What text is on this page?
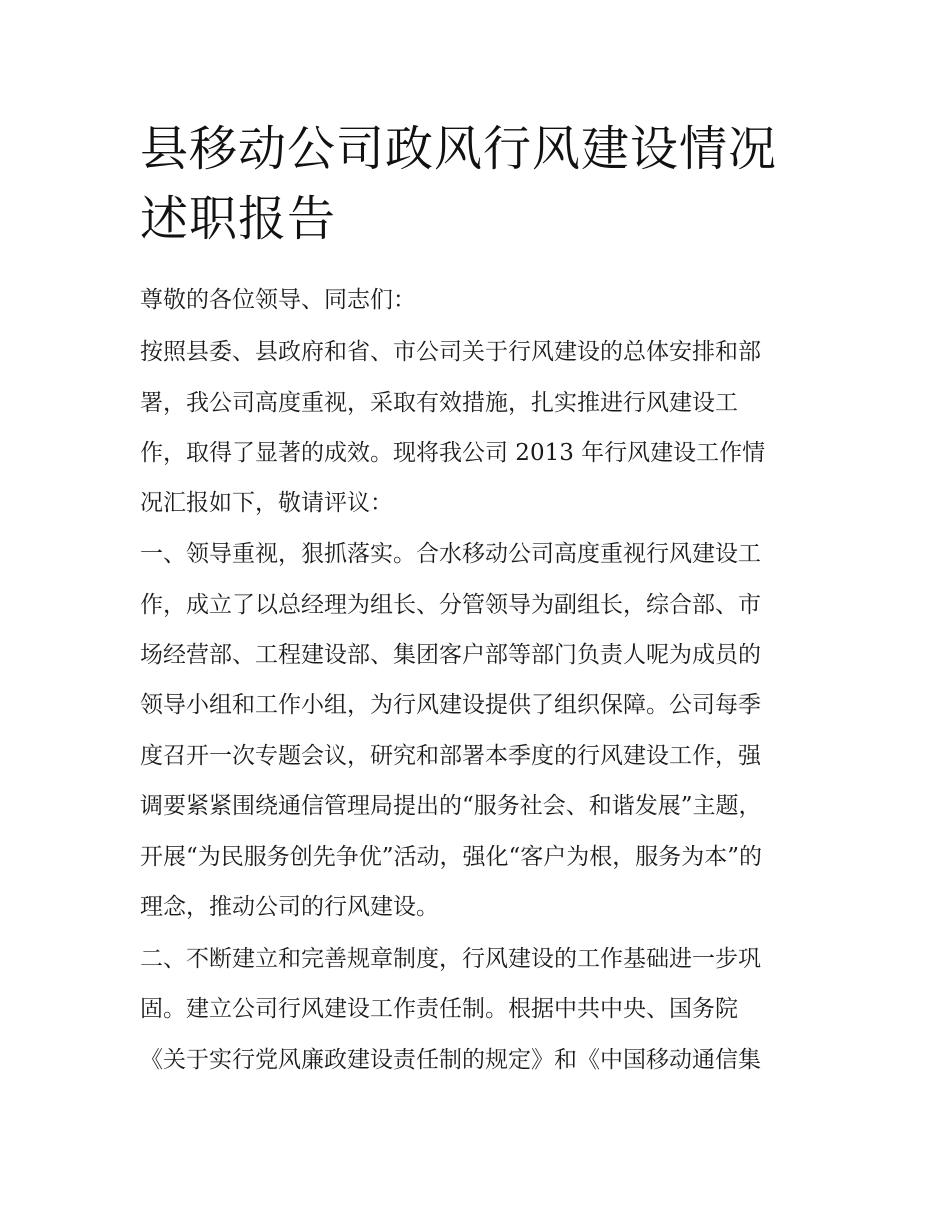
县移动公司政风行风建设情况
述职报告

尊敬的各位领导、同志们：

按照县委、县政府和省、市公司关于行风建设的总体安排和部

署，我公司高度重视，采取有效措施，扎实推进行风建设工

作，取得了显著的成效。现将我公司 2013 年行风建设工作情

况汇报如下，敬请评议：

一、领导重视，狠抓落实。合水移动公司高度重视行风建设工

作，成立了以总经理为组长、分管领导为副组长，综合部、市

场经营部、工程建设部、集团客户部等部门负责人呢为成员的

领导小组和工作小组，为行风建设提供了组织保障。公司每季

度召开一次专题会议，研究和部署本季度的行风建设工作，强

调要紧紧围绕通信管理局提出的“服务社会、和谐发展”主题，

开展“为民服务创先争优”活动，强化“客户为根，服务为本”的

理念，推动公司的行风建设。

二、不断建立和完善规章制度，行风建设的工作基础进一步巩

固。建立公司行风建设工作责任制。根据中共中央、国务院

《关于实行党风廉政建设责任制的规定》和《中国移动通信集
